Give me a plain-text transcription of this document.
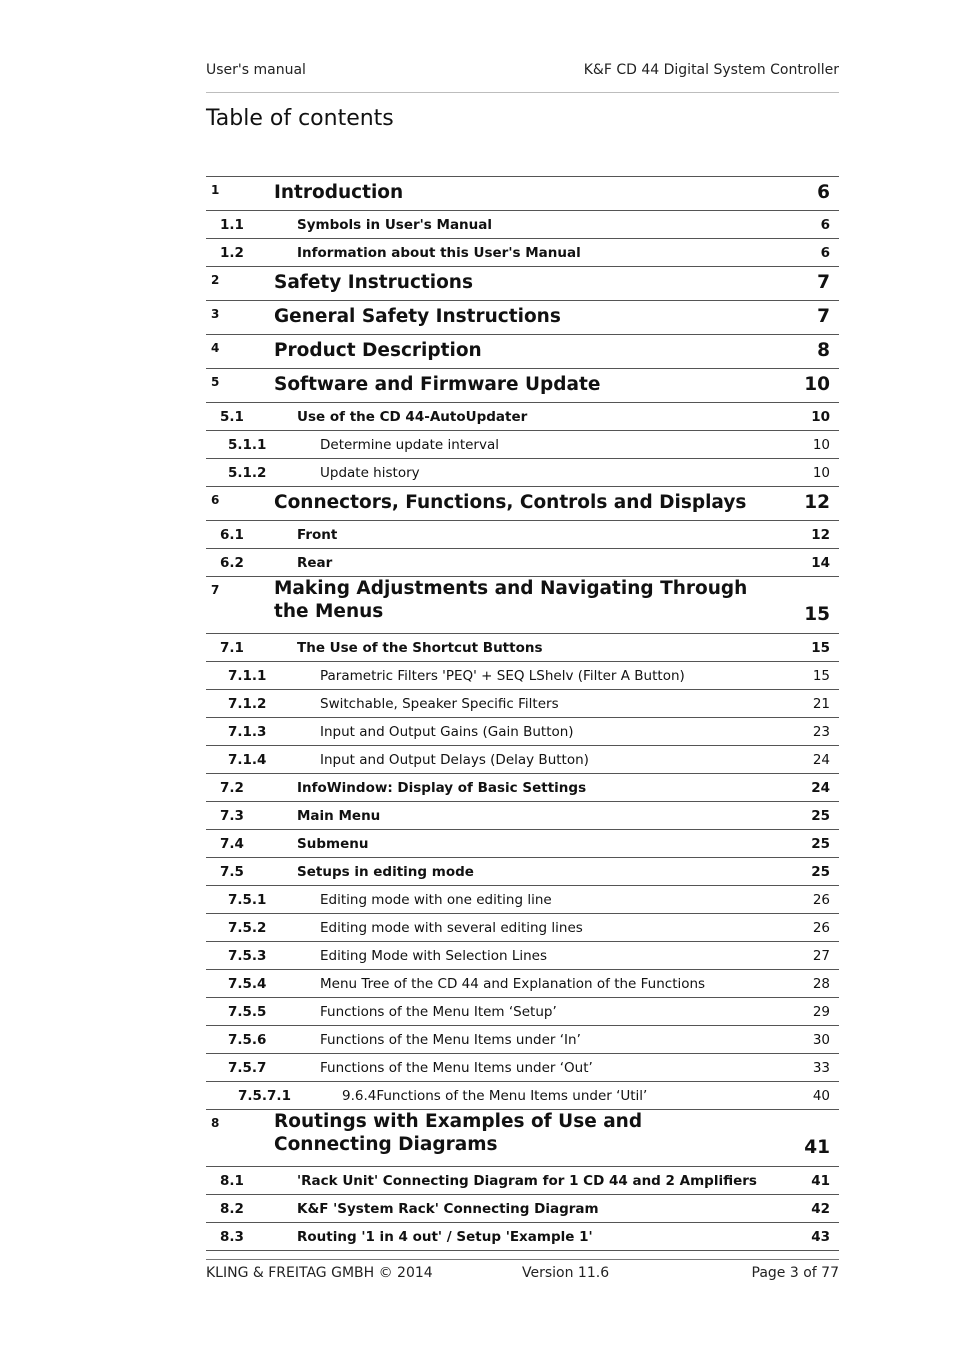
User's manual	K&F CD 44 Digital System Controller
Table of contents
1	Introduction	6
1.1	Symbols in User's Manual	6
1.2	Information about this User's Manual	6
2	Safety Instructions	7
3	General Safety Instructions	7
4	Product Description	8
5	Software and Firmware Update	10
5.1	Use of the CD 44-AutoUpdater	10
5.1.1	Determine update interval	10
5.1.2	Update history	10
6	Connectors, Functions, Controls and Displays	12
6.1	Front	12
6.2	Rear	14
7	Making Adjustments and Navigating Through the Menus	15
7.1	The Use of the Shortcut Buttons	15
7.1.1	Parametric Filters 'PEQ' + SEQ LShelv (Filter A Button)	15
7.1.2	Switchable, Speaker Specific Filters	21
7.1.3	Input and Output Gains (Gain Button)	23
7.1.4	Input and Output Delays (Delay Button)	24
7.2	InfoWindow: Display of Basic Settings	24
7.3	Main Menu	25
7.4	Submenu	25
7.5	Setups in editing mode	25
7.5.1	Editing mode with one editing line	26
7.5.2	Editing mode with several editing lines	26
7.5.3	Editing Mode with Selection Lines	27
7.5.4	Menu Tree of the CD 44 and Explanation of the Functions	28
7.5.5	Functions of the Menu Item ‘Setup’	29
7.5.6	Functions of the Menu Items under ‘In’	30
7.5.7	Functions of the Menu Items under ‘Out’	33
7.5.7.1	9.6.4Functions of the Menu Items under ‘Util’	40
8	Routings with Examples of Use and Connecting Diagrams	41
8.1	'Rack Unit' Connecting Diagram for 1 CD 44 and 2 Amplifiers	41
8.2	K&F 'System Rack' Connecting Diagram	42
8.3	Routing '1 in 4 out' / Setup 'Example 1'	43
KLING & FREITAG GMBH © 2014	Version 11.6	Page 3 of 77
